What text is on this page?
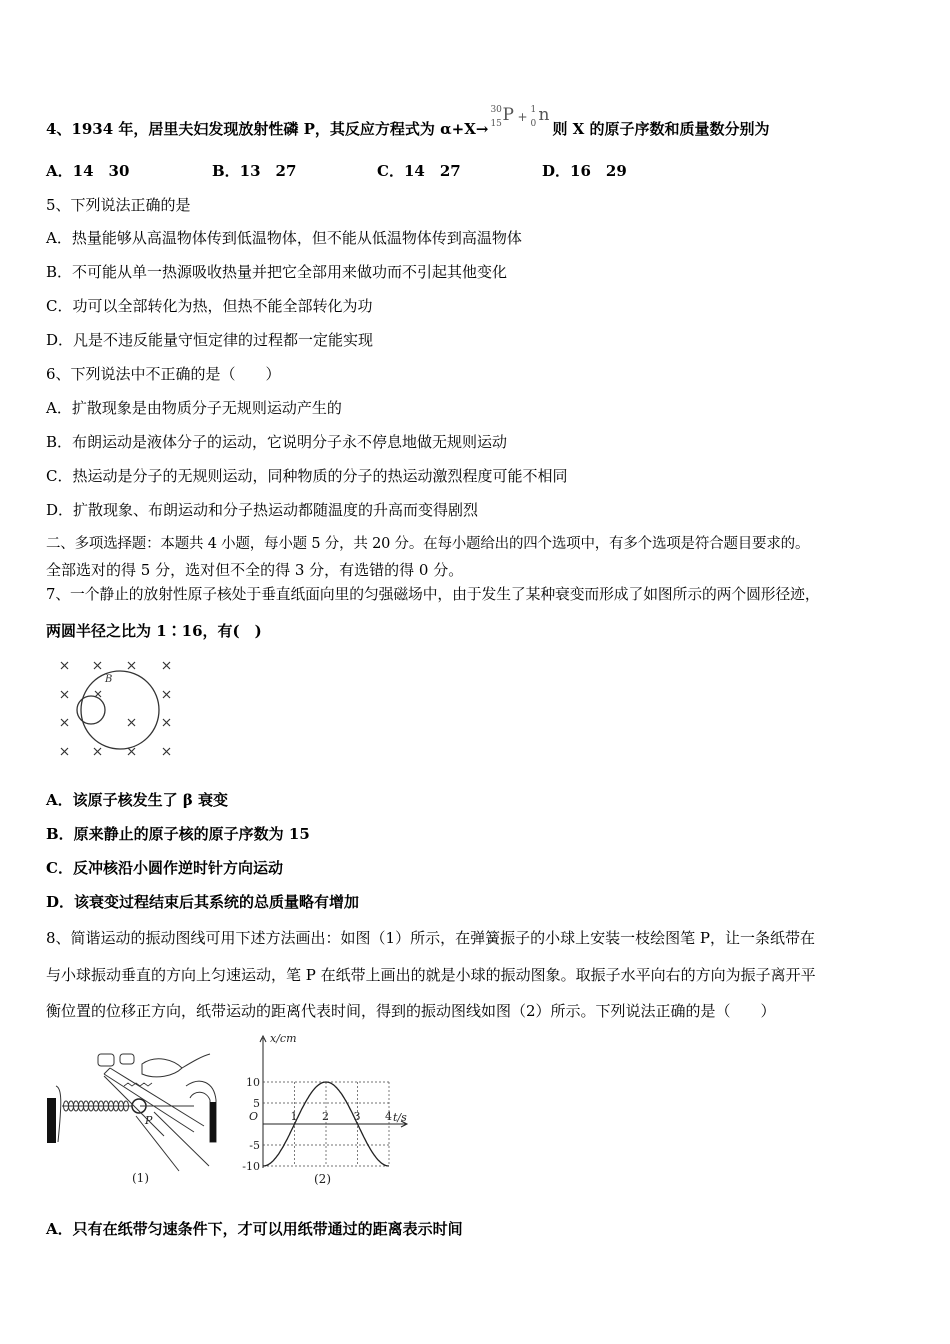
4、1934 年，居里夫妇发现放射性磷 P，其反应方程式为 α+X→
30
15 P + 1
0 n
则 X 的原子序数和质量数分别为
A．14　30	B．13　27	C．14　27	D．16　29
5、下列说法正确的是
A．热量能够从高温物体传到低温物体，但不能从低温物体传到高温物体
B．不可能从单一热源吸收热量并把它全部用来做功而不引起其他变化
C．功可以全部转化为热，但热不能全部转化为功
D．凡是不违反能量守恒定律的过程都一定能实现
6、下列说法中不正确的是（　　）
A．扩散现象是由物质分子无规则运动产生的
B．布朗运动是液体分子的运动，它说明分子永不停息地做无规则运动
C．热运动是分子的无规则运动，同种物质的分子的热运动激烈程度可能不相同
D．扩散现象、布朗运动和分子热运动都随温度的升高而变得剧烈
二、多项选择题：本题共 4 小题，每小题 5 分，共 20 分。在每小题给出的四个选项中，有多个选项是符合题目要求的。
全部选对的得 5 分，选对但不全的得 3 分，有选错的得 0 分。
7、一个静止的放射性原子核处于垂直纸面向里的匀强磁场中，由于发生了某种衰变而形成了如图所示的两个圆形径迹，
两圆半径之比为 1∶16，有(　)
B
A．该原子核发生了 β 衰变
B．原来静止的原子核的原子序数为 15
C．反冲核沿小圆作逆时针方向运动
D．该衰变过程结束后其系统的总质量略有增加
8、简谐运动的振动图线可用下述方法画出：如图（1）所示，在弹簧振子的小球上安装一枝绘图笔 P，让一条纸带在
与小球振动垂直的方向上匀速运动，笔 P 在纸带上画出的就是小球的振动图象。取振子水平向右的方向为振子离开平
衡位置的位移正方向，纸带运动的距离代表时间，得到的振动图线如图（2）所示。下列说法正确的是（　　）
P
(1)
1 2 3 4
10
5
-5
-10
x/cm
t/s
O
(2)
A．只有在纸带匀速条件下，才可以用纸带通过的距离表示时间
